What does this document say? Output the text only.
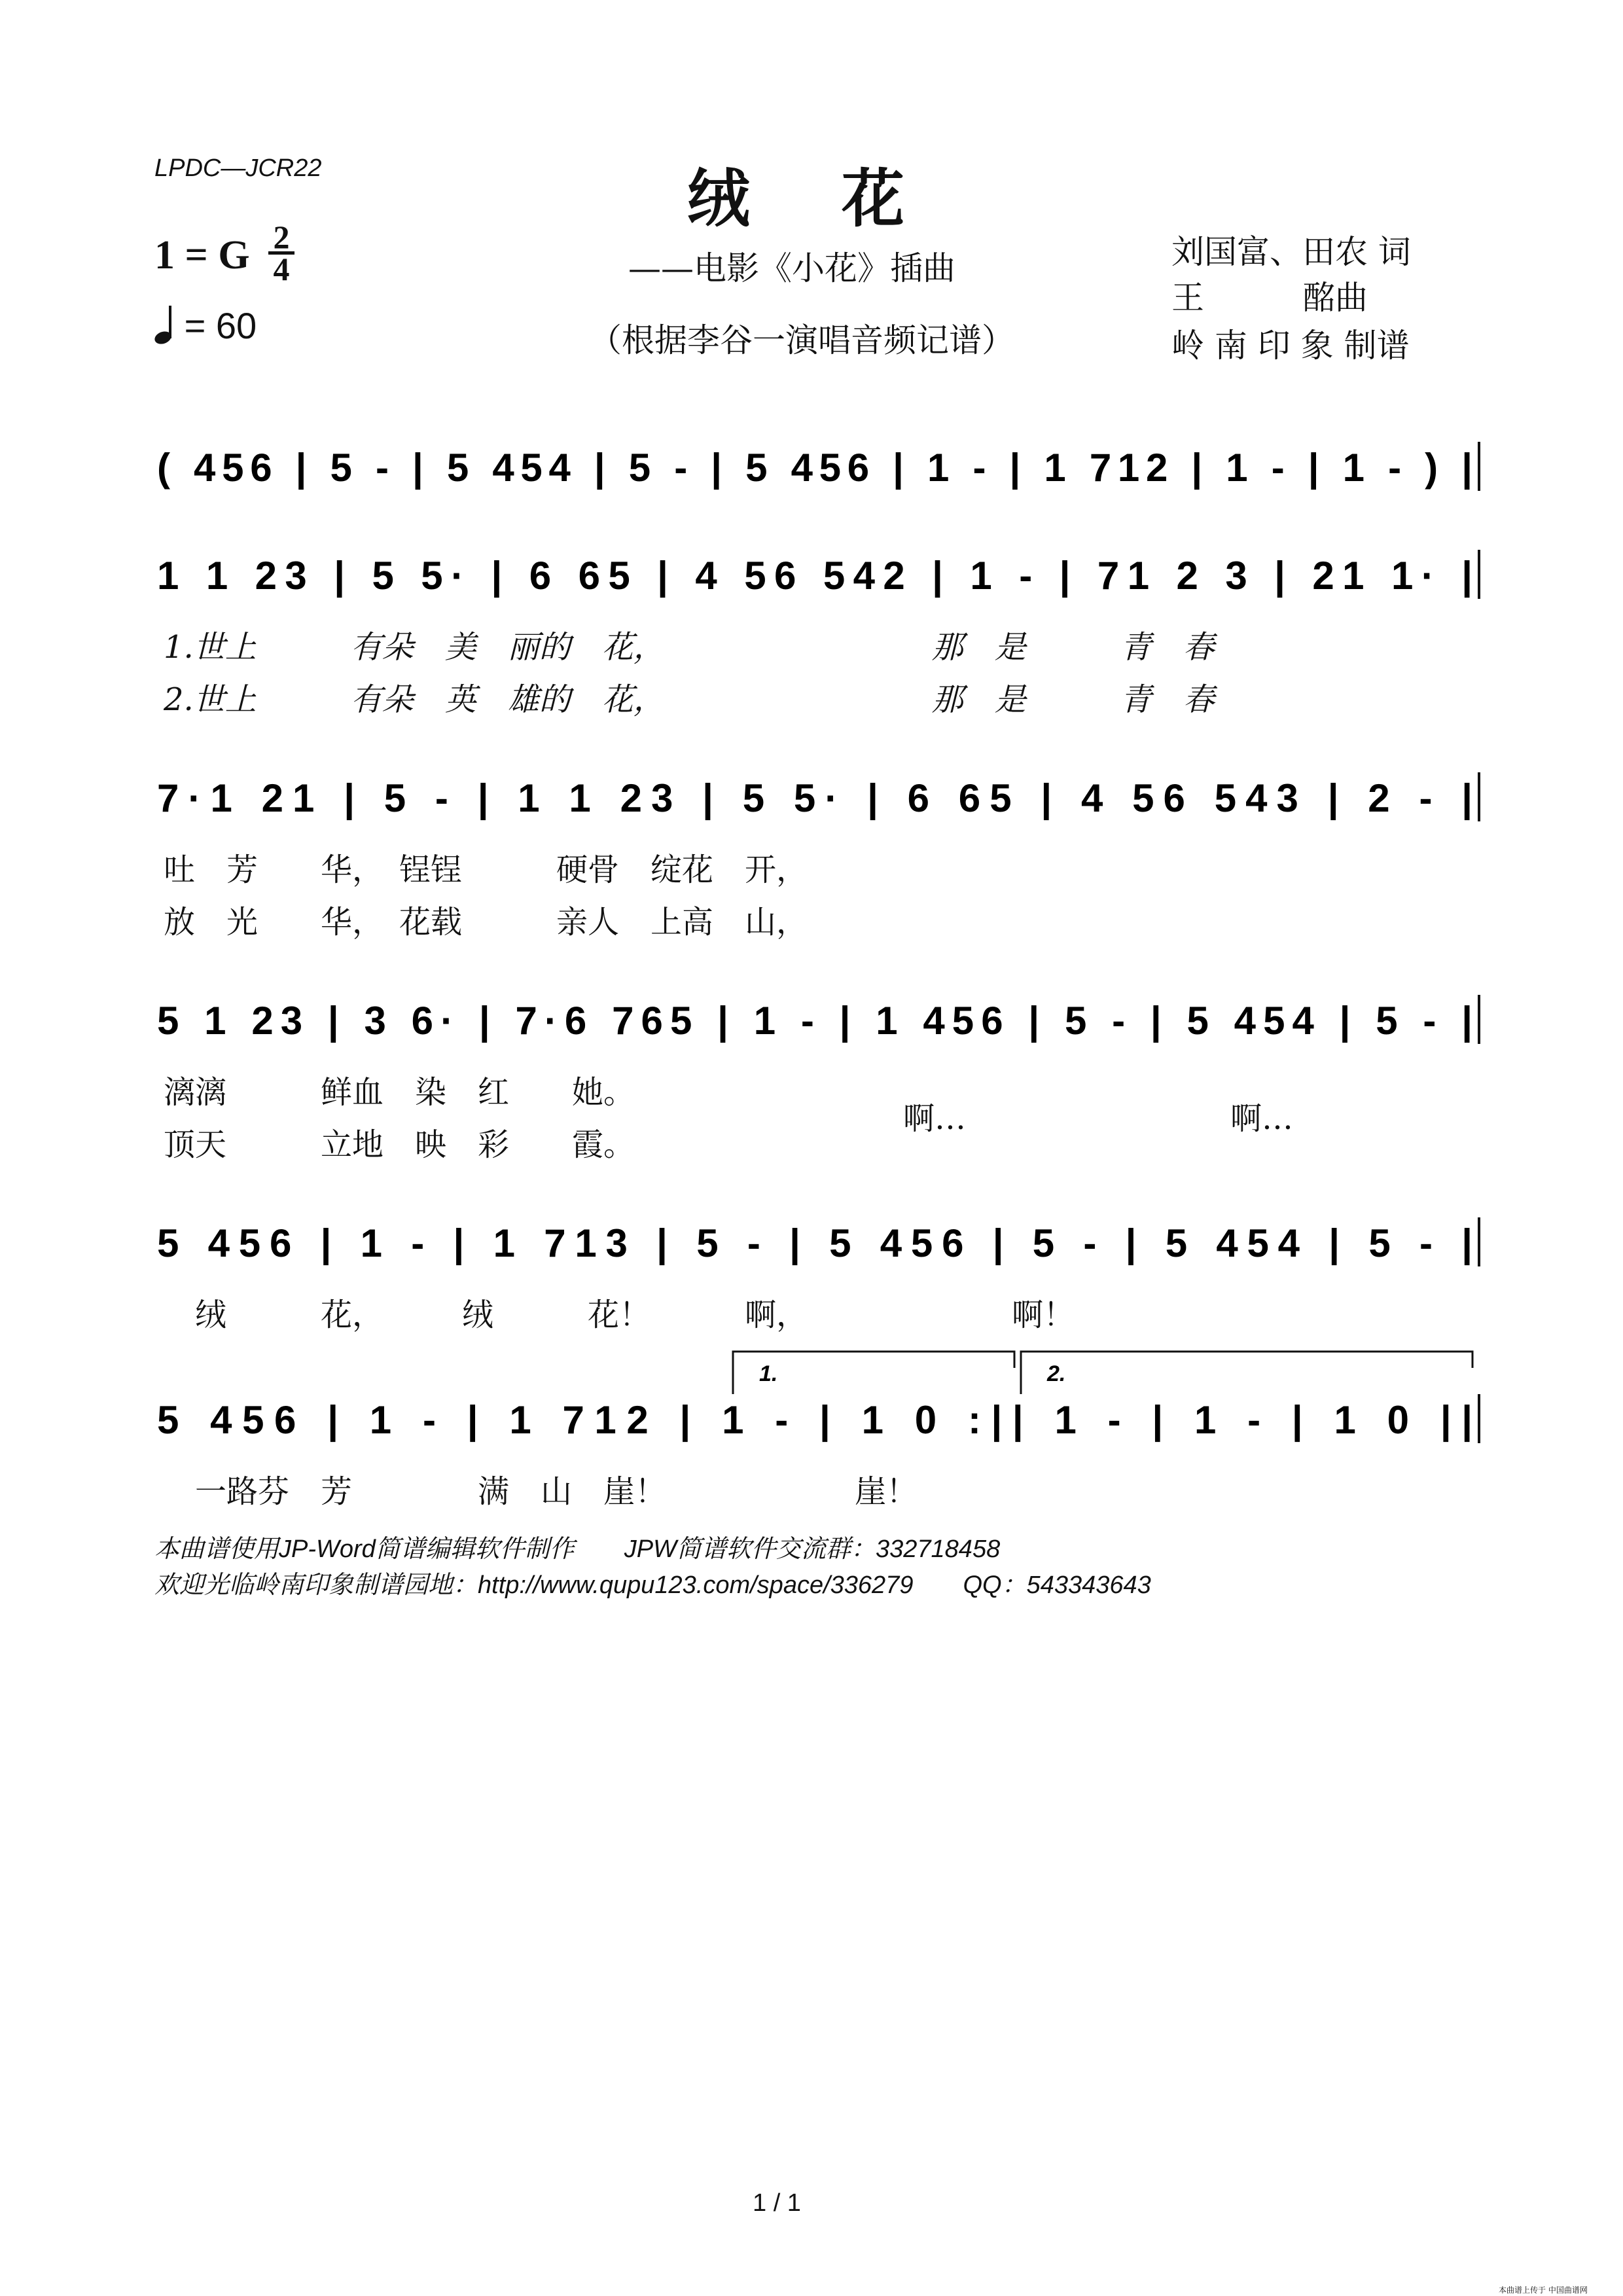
LPDC—JCR22	绒花
——电影《小花》插曲
（根据李谷一演唱音频记谱）
刘国富、田农 词
王　　　酩曲
岭 南 印 象 制谱
1 = G 2
4
= 60
( 456 | 5 - | 5 454 | 5 - | 5 456 | 1 - | 1 712 | 1 - | 1 - ) |
1 1 23 | 5 5· | 6 65 | 4 56 542 | 1 - | 71 2 3 | 21 1· |
7·1 21 | 5 - | 1 1 23 | 5 5· | 6 65 | 4 56 543 | 2 - |
5 1 23 | 3 6· | 7·6 765 | 1 - | 1 456 | 5 - | 5 454 | 5 - |
5 456 | 1 - | 1 713 | 5 - | 5 456 | 5 - | 5 454 | 5 - |
5 456 | 1 - | 1 712 | 1 - | 1 0 :|| 1 - | 1 - | 1 0 ||
1.	2.
1.世上　　　有朵　美　丽的　花，　　　　　　　　　那　是　　　青　春
2.世上　　　有朵　英　雄的　花，　　　　　　　　　那　是　　　青　春
吐　芳　　华，　锃锃　　　硬骨　绽花　开，
放　光　　华，　花载　　　亲人　上高　山，
漓漓　　　鲜血　染　红　　她。
顶天　　　立地　映　彩　　霞。
啊…	啊…
　绒　　　花，　　　绒　　　花！　　　啊，　　　　　　　啊！
　一路芬　芳　　　　满　山　崖！　　　　　　崖！
本曲谱使用JP-Word简谱编辑软件制作　　JPW简谱软件交流群：332718458
欢迎光临岭南印象制谱园地：http://www.qupu123.com/space/336279　　QQ：543343643
1 / 1
本曲谱上传于 中国曲谱网
